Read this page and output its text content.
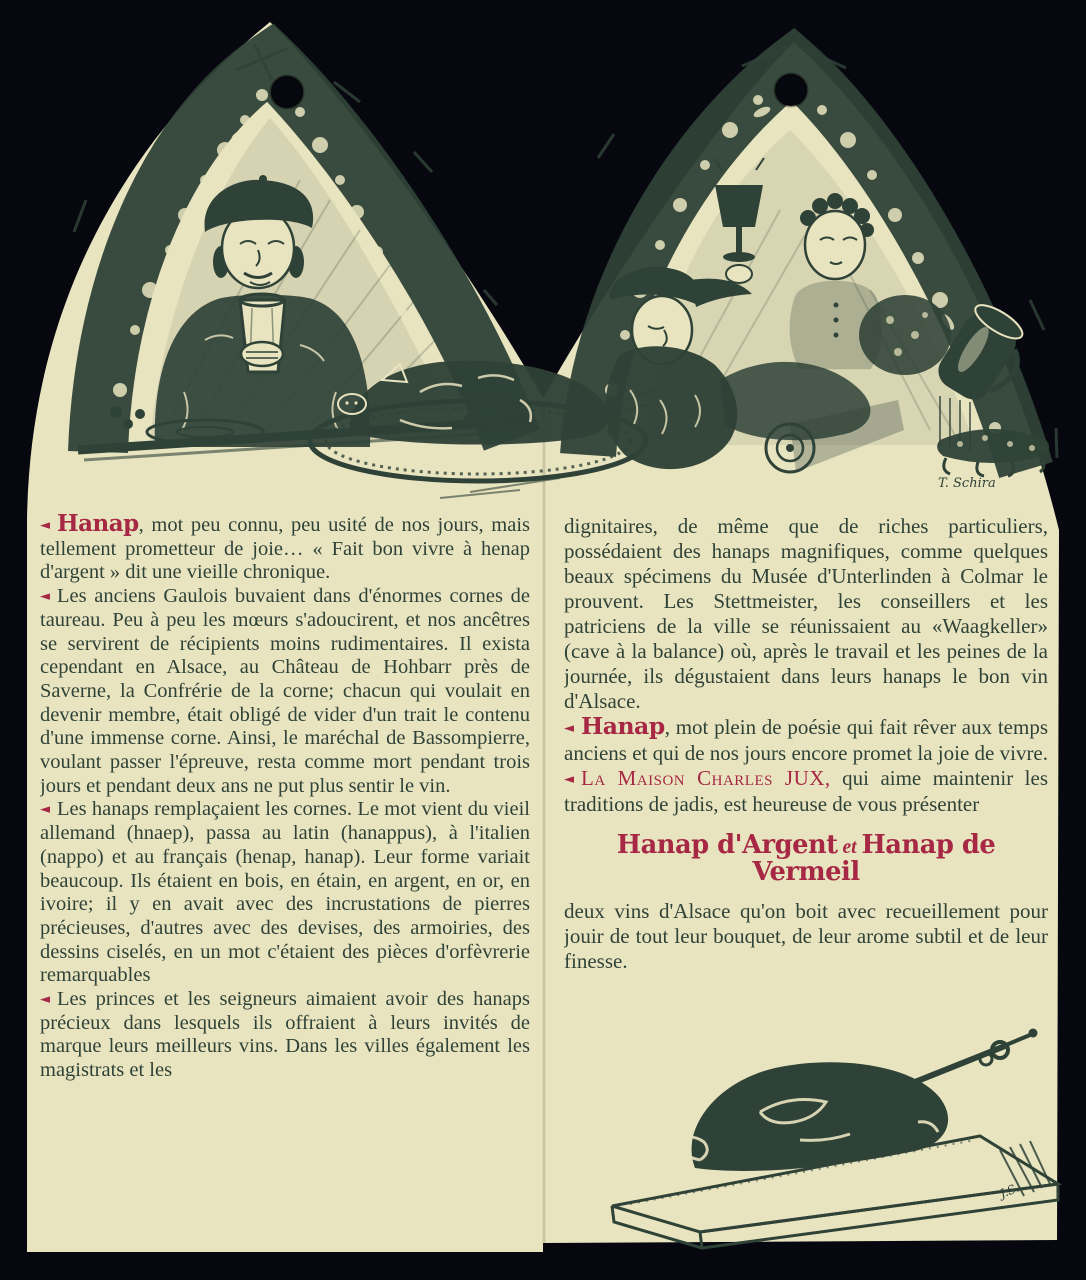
T. Schira
J.S.

◄ Hanap, mot peu connu, peu usité de nos jours, mais tellement prometteur de joie… « Fait bon vivre à henap d'argent » dit une vieille chronique.

◄ Les anciens Gaulois buvaient dans d'énormes cornes de taureau. Peu à peu les mœurs s'adoucirent, et nos ancêtres se servirent de récipients moins rudimentaires. Il exista cependant en Alsace, au Château de Hohbarr près de Saverne, la Confrérie de la corne; chacun qui voulait en devenir membre, était obligé de vider d'un trait le contenu d'une immense corne. Ainsi, le maréchal de Bassompierre, voulant passer l'épreuve, resta comme mort pendant trois jours et pendant deux ans ne put plus sentir le vin.

◄ Les hanaps remplaçaient les cornes. Le mot vient du vieil allemand (hnaep), passa au latin (hanappus), à l'italien (nappo) et au français (henap, hanap). Leur forme variait beaucoup. Ils étaient en bois, en étain, en argent, en or, en ivoire; il y en avait avec des incrustations de pierres précieuses, d'autres avec des devises, des armoiries, des dessins ciselés, en un mot c'étaient des pièces d'orfèvrerie remarquables

◄ Les princes et les seigneurs aimaient avoir des hanaps précieux dans lesquels ils offraient à leurs invités de marque leurs meilleurs vins. Dans les villes également les magistrats et les

dignitaires, de même que de riches particuliers, possédaient des hanaps magnifiques, comme quelques beaux spécimens du Musée d'Unterlinden à Colmar le prouvent. Les Stettmeister, les conseillers et les patriciens de la ville se réunissaient au «Waagkeller» (cave à la balance) où, après le travail et les peines de la journée, ils dégustaient dans leurs hanaps le bon vin d'Alsace.

◄ Hanap, mot plein de poésie qui fait rêver aux temps anciens et qui de nos jours encore promet la joie de vivre.

◄ La Maison Charles JUX, qui aime maintenir les traditions de jadis, est heureuse de vous présenter

Hanap d'Argent et Hanap de Vermeil

deux vins d'Alsace qu'on boit avec recueillement pour jouir de tout leur bouquet, de leur arome subtil et de leur finesse.
